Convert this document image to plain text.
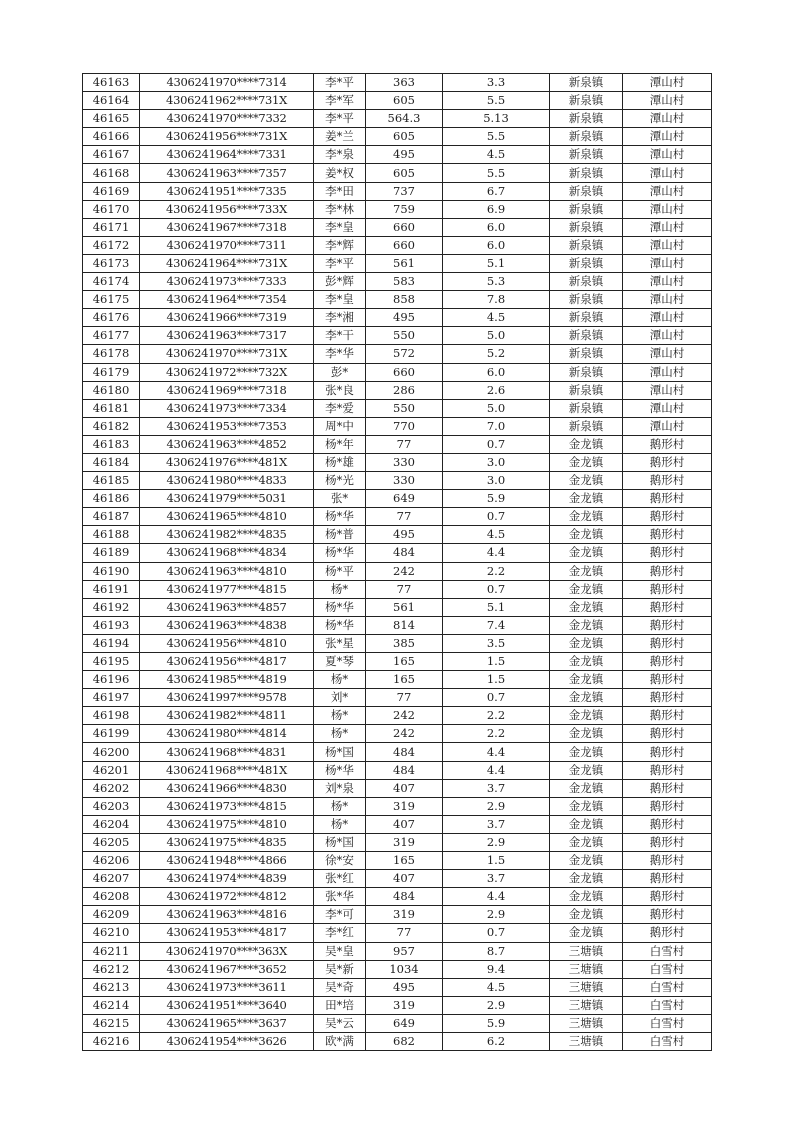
46163	4306241970****7314	李*平	363	3.3	新泉镇	潭山村
46164	4306241962****731X	李*军	605	5.5	新泉镇	潭山村
46165	4306241970****7332	李*平	564.3	5.13	新泉镇	潭山村
46166	4306241956****731X	姜*兰	605	5.5	新泉镇	潭山村
46167	4306241964****7331	李*泉	495	4.5	新泉镇	潭山村
46168	4306241963****7357	姜*权	605	5.5	新泉镇	潭山村
46169	4306241951****7335	李*田	737	6.7	新泉镇	潭山村
46170	4306241956****733X	李*林	759	6.9	新泉镇	潭山村
46171	4306241967****7318	李*皇	660	6.0	新泉镇	潭山村
46172	4306241970****7311	李*辉	660	6.0	新泉镇	潭山村
46173	4306241964****731X	李*平	561	5.1	新泉镇	潭山村
46174	4306241973****7333	彭*辉	583	5.3	新泉镇	潭山村
46175	4306241964****7354	李*皇	858	7.8	新泉镇	潭山村
46176	4306241966****7319	李*湘	495	4.5	新泉镇	潭山村
46177	4306241963****7317	李*干	550	5.0	新泉镇	潭山村
46178	4306241970****731X	李*华	572	5.2	新泉镇	潭山村
46179	4306241972****732X	彭*	660	6.0	新泉镇	潭山村
46180	4306241969****7318	张*良	286	2.6	新泉镇	潭山村
46181	4306241973****7334	李*爱	550	5.0	新泉镇	潭山村
46182	4306241953****7353	周*中	770	7.0	新泉镇	潭山村
46183	4306241963****4852	杨*年	77	0.7	金龙镇	鹅形村
46184	4306241976****481X	杨*雄	330	3.0	金龙镇	鹅形村
46185	4306241980****4833	杨*光	330	3.0	金龙镇	鹅形村
46186	4306241979****5031	张*	649	5.9	金龙镇	鹅形村
46187	4306241965****4810	杨*华	77	0.7	金龙镇	鹅形村
46188	4306241982****4835	杨*普	495	4.5	金龙镇	鹅形村
46189	4306241968****4834	杨*华	484	4.4	金龙镇	鹅形村
46190	4306241963****4810	杨*平	242	2.2	金龙镇	鹅形村
46191	4306241977****4815	杨*	77	0.7	金龙镇	鹅形村
46192	4306241963****4857	杨*华	561	5.1	金龙镇	鹅形村
46193	4306241963****4838	杨*华	814	7.4	金龙镇	鹅形村
46194	4306241956****4810	张*星	385	3.5	金龙镇	鹅形村
46195	4306241956****4817	夏*琴	165	1.5	金龙镇	鹅形村
46196	4306241985****4819	杨*	165	1.5	金龙镇	鹅形村
46197	4306241997****9578	刘*	77	0.7	金龙镇	鹅形村
46198	4306241982****4811	杨*	242	2.2	金龙镇	鹅形村
46199	4306241980****4814	杨*	242	2.2	金龙镇	鹅形村
46200	4306241968****4831	杨*国	484	4.4	金龙镇	鹅形村
46201	4306241968****481X	杨*华	484	4.4	金龙镇	鹅形村
46202	4306241966****4830	刘*泉	407	3.7	金龙镇	鹅形村
46203	4306241973****4815	杨*	319	2.9	金龙镇	鹅形村
46204	4306241975****4810	杨*	407	3.7	金龙镇	鹅形村
46205	4306241975****4835	杨*国	319	2.9	金龙镇	鹅形村
46206	4306241948****4866	徐*安	165	1.5	金龙镇	鹅形村
46207	4306241974****4839	张*红	407	3.7	金龙镇	鹅形村
46208	4306241972****4812	张*华	484	4.4	金龙镇	鹅形村
46209	4306241963****4816	李*可	319	2.9	金龙镇	鹅形村
46210	4306241953****4817	李*红	77	0.7	金龙镇	鹅形村
46211	4306241970****363X	吴*皇	957	8.7	三塘镇	白雪村
46212	4306241967****3652	吴*新	1034	9.4	三塘镇	白雪村
46213	4306241973****3611	吴*奇	495	4.5	三塘镇	白雪村
46214	4306241951****3640	田*培	319	2.9	三塘镇	白雪村
46215	4306241965****3637	吴*云	649	5.9	三塘镇	白雪村
46216	4306241954****3626	欧*满	682	6.2	三塘镇	白雪村
